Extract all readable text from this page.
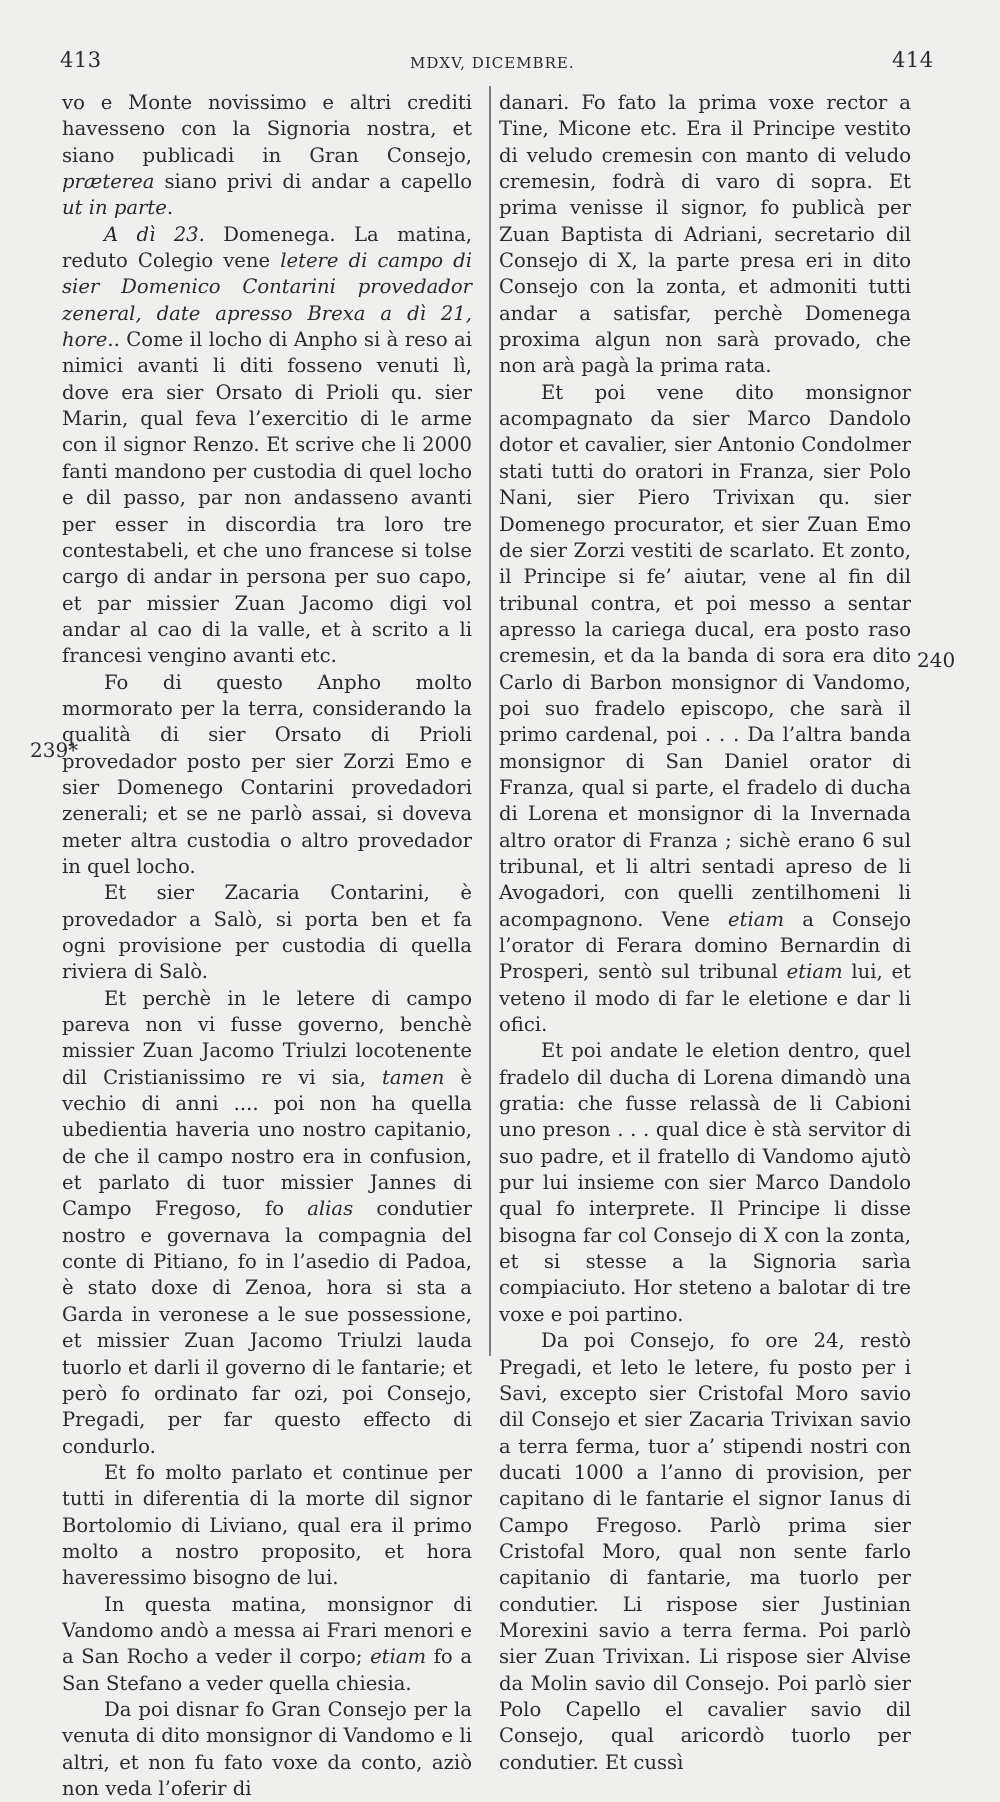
413	MDXV, DICEMBRE.	414
239*
240

vo e Monte novissimo e altri crediti havesseno con la Signoria nostra, et siano publicadi in Gran Consejo, præterea siano privi di andar a capello ut in parte.

A dì 23. Domenega. La matina, reduto Colegio vene letere di campo di sier Domenico Contarini provedador zeneral, date apresso Brexa a dì 21, hore.. Come il locho di Anpho si à reso ai nimici avanti li diti fosseno venuti lì, dove era sier Orsato di Prioli qu. sier Marin, qual feva l’exercitio di le arme con il signor Renzo. Et scrive che li 2000 fanti mandono per custodia di quel locho e dil passo, par non andasseno avanti per esser in discordia tra loro tre contestabeli, et che uno francese si tolse cargo di andar in persona per suo capo, et par missier Zuan Jacomo digi vol andar al cao di la valle, et à scrito a li francesi vengino avanti etc.

Fo di questo Anpho molto mormorato per la terra, considerando la qualità di sier Orsato di Prioli provedador posto per sier Zorzi Emo e sier Domenego Contarini provedadori zenerali; et se ne parlò assai, si doveva meter altra custodia o altro provedador in quel locho.

Et sier Zacaria Contarini, è provedador a Salò, si porta ben et fa ogni provisione per custodia di quella riviera di Salò.

Et perchè in le letere di campo pareva non vi fusse governo, benchè missier Zuan Jacomo Triulzi locotenente dil Cristianissimo re vi sia, tamen è vechio di anni .... poi non ha quella ubedientia haveria uno nostro capitanio, de che il campo nostro era in confusion, et parlato di tuor missier Jannes di Campo Fregoso, fo alias condutier nostro e governava la compagnia del conte di Pitiano, fo in l’asedio di Padoa, è stato doxe di Zenoa, hora si sta a Garda in veronese a le sue possessione, et missier Zuan Jacomo Triulzi lauda tuorlo et darli il governo di le fantarie; et però fo ordinato far ozi, poi Consejo, Pregadi, per far questo effecto di condurlo.

Et fo molto parlato et continue per tutti in diferentia di la morte dil signor Bortolomio di Liviano, qual era il primo molto a nostro proposito, et hora haveressimo bisogno de lui.

In questa matina, monsignor di Vandomo andò a messa ai Frari menori e a San Rocho a veder il corpo; etiam fo a San Stefano a veder quella chiesia.

Da poi disnar fo Gran Consejo per la venuta di dito monsignor di Vandomo e li altri, et non fu fato voxe da conto, aziò non veda l’oferir di

danari. Fo fato la prima voxe rector a Tine, Micone etc. Era il Principe vestito di veludo cremesin con manto di veludo cremesin, fodrà di varo di sopra. Et prima venisse il signor, fo publicà per Zuan Baptista di Adriani, secretario dil Consejo di X, la parte presa eri in dito Consejo con la zonta, et admoniti tutti andar a satisfar, perchè Domenega proxima algun non sarà provado, che non arà pagà la prima rata.

Et poi vene dito monsignor acompagnato da sier Marco Dandolo dotor et cavalier, sier Antonio Condolmer stati tutti do oratori in Franza, sier Polo Nani, sier Piero Trivixan qu. sier Domenego procurator, et sier Zuan Emo de sier Zorzi vestiti de scarlato. Et zonto, il Principe si fe’ aiutar, vene al fin dil tribunal contra, et poi messo a sentar apresso la cariega ducal, era posto raso cremesin, et da la banda di sora era dito Carlo di Barbon monsignor di Vandomo, poi suo fradelo episcopo, che sarà il primo cardenal, poi . . . Da l’altra banda monsignor di San Daniel orator di Franza, qual si parte, el fradelo di ducha di Lorena et monsignor di la Invernada altro orator di Franza ; sichè erano 6 sul tribunal, et li altri sentadi apreso de li Avogadori, con quelli zentilhomeni li acompagnono. Vene etiam a Consejo l’orator di Ferara domino Bernardin di Prosperi, sentò sul tribunal etiam lui, et veteno il modo di far le eletione e dar li ofici.

Et poi andate le eletion dentro, quel fradelo dil ducha di Lorena dimandò una gratia: che fusse relassà de li Cabioni uno preson . . . qual dice è stà servitor di suo padre, et il fratello di Vandomo ajutò pur lui insieme con sier Marco Dandolo qual fo interprete. Il Principe li disse bisogna far col Consejo di X con la zonta, et si stesse a la Signoria sarìa compiaciuto. Hor steteno a balotar di tre voxe e poi partino.

Da poi Consejo, fo ore 24, restò Pregadi, et leto le letere, fu posto per i Savi, excepto sier Cristofal Moro savio dil Consejo et sier Zacaria Trivixan savio a terra ferma, tuor a’ stipendi nostri con ducati 1000 a l’anno di provision, per capitano di le fantarie el signor Ianus di Campo Fregoso. Parlò prima sier Cristofal Moro, qual non sente farlo capitanio di fantarie, ma tuorlo per condutier. Li rispose sier Justinian Morexini savio a terra ferma. Poi parlò sier Zuan Trivixan. Li rispose sier Alvise da Molin savio dil Consejo. Poi parlò sier Polo Capello el cavalier savio dil Consejo, qual aricordò tuorlo per condutier. Et cussì
